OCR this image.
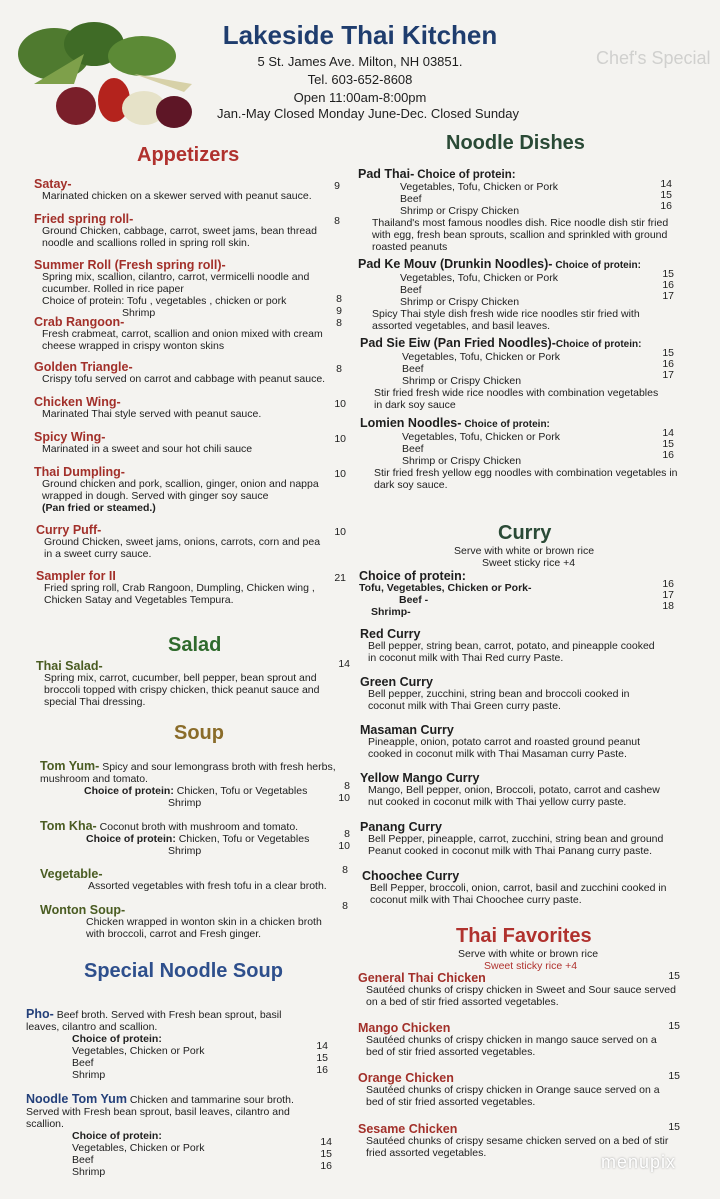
Lakeside Thai Kitchen
5 St. James Ave. Milton, NH 03851.
Tel. 603-652-8608
Open 11:00am-8:00pm
Jan.-May Closed Monday June-Dec. Closed Sunday
Chef's Special
Appetizers
Satay-
Marinated chicken on a skewer served with peanut sauce.
9
Fried spring roll-
Ground Chicken, cabbage, carrot, sweet jams, bean thread noodle and scallions rolled in spring roll skin.
8
Summer Roll (Fresh spring roll)-
Spring mix, scallion, cilantro, carrot, vermicelli noodle and cucumber. Rolled in rice paper
Choice of protein: Tofu , vegetables , chicken or pork
Shrimp
8
9
Crab Rangoon-
Fresh crabmeat, carrot, scallion and onion mixed with cream cheese wrapped in crispy wonton skins
8
Golden Triangle-
Crispy tofu served on carrot and cabbage with peanut sauce.
8
Chicken Wing-
Marinated Thai style served with peanut sauce.
10
Spicy Wing-
Marinated in a sweet and sour hot chili sauce
10
Thai Dumpling-
Ground chicken and pork, scallion, ginger, onion and nappa wrapped in dough. Served with ginger soy sauce
(Pan fried or steamed.)
10
Curry Puff-
Ground Chicken, sweet jams, onions, carrots, corn and pea in a sweet curry sauce.
10
Sampler for II
Fried spring roll, Crab Rangoon, Dumpling, Chicken wing , Chicken Satay and Vegetables Tempura.
21
Salad
Thai Salad-
Spring mix, carrot, cucumber, bell pepper, bean sprout and broccoli topped with crispy chicken, thick peanut sauce and special Thai dressing.
14
Soup
Tom Yum- Spicy and sour lemongrass broth with fresh herbs, mushroom and tomato.
Choice of protein: Chicken, Tofu or Vegetables
Shrimp
8
10
Tom Kha- Coconut broth with mushroom and tomato.
Choice of protein: Chicken, Tofu or Vegetables
Shrimp
8
10
Vegetable-
Assorted vegetables with fresh tofu in a clear broth.
8
Wonton Soup-
Chicken wrapped in wonton skin in a chicken broth with broccoli, carrot and Fresh ginger.
8
Special Noodle Soup
Pho- Beef broth. Served with Fresh bean sprout, basil leaves, cilantro and scallion.
Choice of protein:
Vegetables, Chicken or Pork
Beef
Shrimp
14
15
16
Noodle Tom Yum Chicken and tammarine sour broth. Served with Fresh bean sprout, basil leaves, cilantro and scallion.
Choice of protein:
Vegetables, Chicken or Pork
Beef
Shrimp
14
15
16
Noodle Dishes
Pad Thai- Choice of protein:
Vegetables, Tofu, Chicken or Pork
Beef
Shrimp or Crispy Chicken
Thailand's most famous noodles dish. Rice noodle dish stir fried with egg, fresh bean sprouts, scallion and sprinkled with ground roasted peanuts
14
15
16
Pad Ke Mouv (Drunkin Noodles)- Choice of protein:
Vegetables, Tofu, Chicken or Pork
Beef
Shrimp or Crispy Chicken
Spicy Thai style dish fresh wide rice noodles stir fried with assorted vegetables, and basil leaves.
15
16
17
Pad Sie Eiw (Pan Fried Noodles)-Choice of protein:
Vegetables, Tofu, Chicken or Pork
Beef
Shrimp or Crispy Chicken
Stir fried fresh wide rice noodles with combination vegetables in dark soy sauce
15
16
17
Lomien Noodles- Choice of protein:
Vegetables, Tofu, Chicken or Pork
Beef
Shrimp or Crispy Chicken
Stir fried fresh yellow egg noodles with combination vegetables in dark soy sauce.
14
15
16
Curry
Serve with white or brown rice
Sweet sticky rice +4
Choice of protein:
Tofu, Vegetables, Chicken or Pork-
Beef -
Shrimp-
16
17
18
Red Curry
Bell pepper, string bean, carrot, potato, and pineapple cooked in coconut milk with Thai Red curry Paste.
Green Curry
Bell pepper, zucchini, string bean and broccoli cooked in coconut milk with Thai Green curry paste.
Masaman Curry
Pineapple, onion, potato carrot and roasted ground peanut cooked in coconut milk with Thai Masaman curry Paste.
Yellow Mango Curry
Mango, Bell pepper, onion, Broccoli, potato, carrot and cashew nut cooked in coconut milk with Thai yellow curry paste.
Panang Curry
Bell Pepper, pineapple, carrot, zucchini, string bean and ground Peanut cooked in coconut milk with Thai Panang curry paste.
Choochee Curry
Bell Pepper, broccoli, onion, carrot, basil and zucchini cooked in coconut milk with Thai Choochee curry paste.
Thai Favorites
Serve with white or brown rice
Sweet sticky rice +4
General Thai Chicken
Sautéed chunks of crispy chicken in Sweet and Sour sauce served on a bed of stir fried assorted vegetables.
15
Mango Chicken
Sautéed chunks of crispy chicken in mango sauce served on a bed of stir fried assorted vegetables.
15
Orange Chicken
Sautéed chunks of crispy chicken in Orange sauce served on a bed of stir fried assorted vegetables.
15
Sesame Chicken
Sautéed chunks of crispy sesame chicken served on a bed of stir fried assorted vegetables.
15
menupix
